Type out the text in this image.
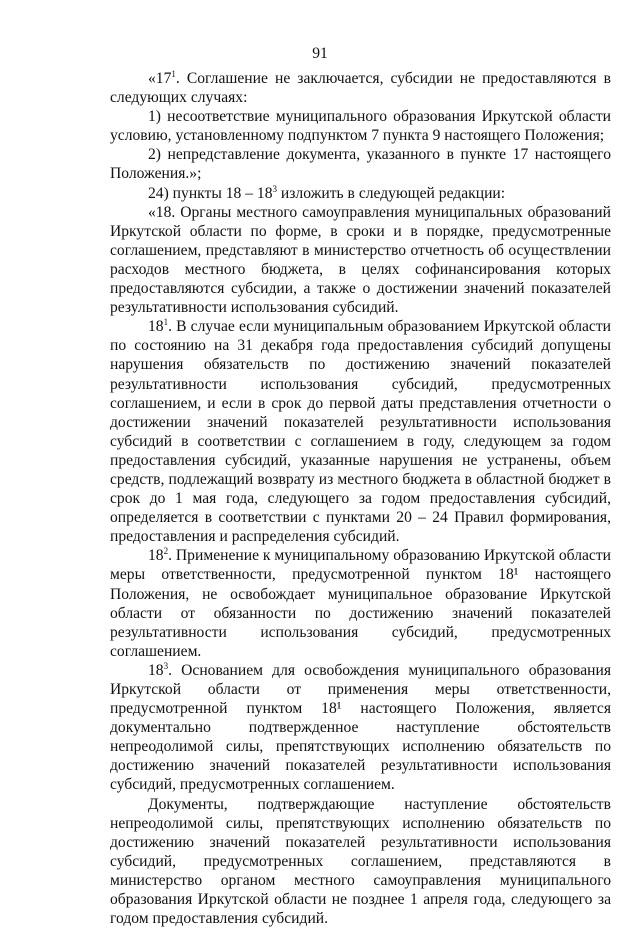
91

«$17^1$. Соглашение не заключается, субсидии не предоставляются в следующих случаях:

1) несоответствие муниципального образования Иркутской области условию, установленному подпунктом 7 пункта 9 настоящего Положения;

2) непредставление документа, указанного в пункте 17 настоящего Положения.»;

24) пункты $18 - 18^3$ изложить в следующей редакции:

«18. Органы местного самоуправления муниципальных образований Иркутской области по форме, в сроки и в порядке, предусмотренные соглашением, представляют в министерство отчетность об осуществлении расходов местного бюджета, в целях софинансирования которых предоставляются субсидии, а также о достижении значений показателей результативности использования субсидий.

$18^1$. В случае если муниципальным образованием Иркутской области по состоянию на 31 декабря года предоставления субсидий допущены нарушения обязательств по достижению значений показателей результативности использования субсидий, предусмотренных соглашением, и если в срок до первой даты представления отчетности о достижении значений показателей результативности использования субсидий в соответствии с соглашением в году, следующем за годом предоставления субсидий, указанные нарушения не устранены, объем средств, подлежащий возврату из местного бюджета в областной бюджет в срок до 1 мая года, следующего за годом предоставления субсидий, определяется в соответствии с пунктами 20 – 24 Правил формирования, предоставления и распределения субсидий.

$18^2$. Применение к муниципальному образованию Иркутской области меры ответственности, предусмотренной пунктом 18¹ настоящего Положения, не освобождает муниципальное образование Иркутской области от обязанности по достижению значений показателей результативности использования субсидий, предусмотренных соглашением.

$18^3$. Основанием для освобождения муниципального образования Иркутской области от применения меры ответственности, предусмотренной пунктом 18¹ настоящего Положения, является документально подтвержденное наступление обстоятельств непреодолимой силы, препятствующих исполнению обязательств по достижению значений показателей результативности использования субсидий, предусмотренных соглашением.

Документы, подтверждающие наступление обстоятельств непреодолимой силы, препятствующих исполнению обязательств по достижению значений показателей результативности использования субсидий, предусмотренных соглашением, представляются в министерство органом местного самоуправления муниципального образования Иркутской области не позднее 1 апреля года, следующего за годом предоставления субсидий.
